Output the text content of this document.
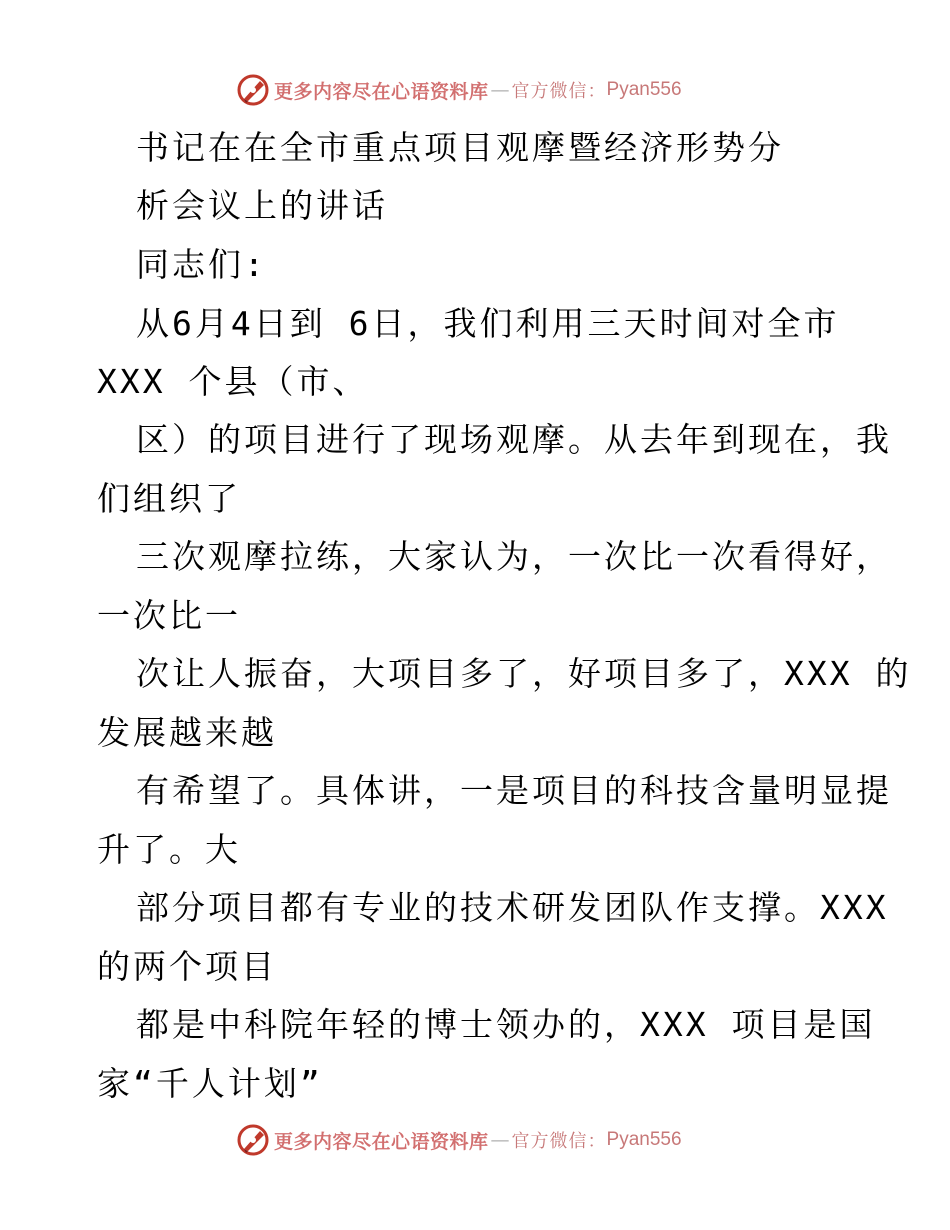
更多内容尽在心语资料库 — 官方微信： Pyan556
书记在在全市重点项目观摩暨经济形势分
析会议上的讲话
同志们:
从6月4日到 6日，我们利用三天时间对全市
XXX 个县（市、
区）的项目进行了现场观摩。从去年到现在，我
们组织了
三次观摩拉练，大家认为，一次比一次看得好，
一次比一
次让人振奋，大项目多了，好项目多了，XXX 的
发展越来越
有希望了。具体讲，一是项目的科技含量明显提
升了。大
部分项目都有专业的技术研发团队作支撑。XXX
的两个项目
都是中科院年轻的博士领办的，XXX 项目是国
家“千人计划”
更多内容尽在心语资料库 — 官方微信： Pyan556
